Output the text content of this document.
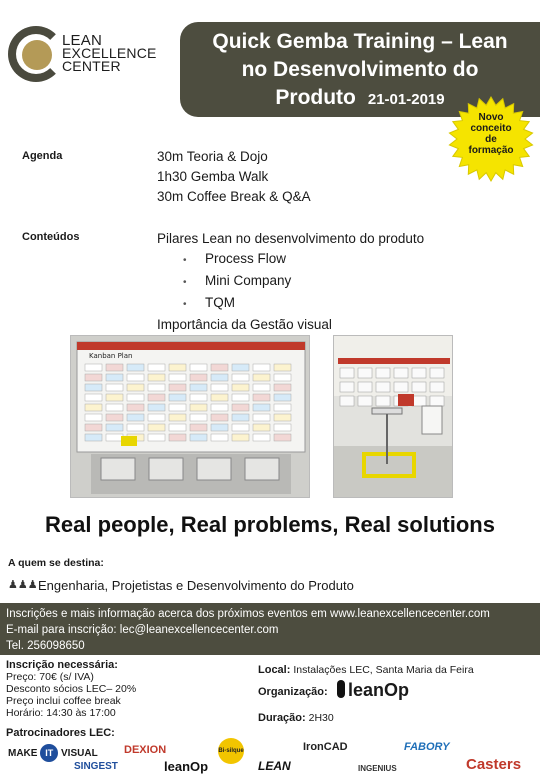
LEAN
EXCELLENCE
CENTER
Quick Gemba Training – Lean
no Desenvolvimento do
Produto 21-01-2019
Novo
conceito
de
formação
Agenda	30m Teoria & Dojo
1h30 Gemba Walk
30m Coffee Break & Q&A
Conteúdos	Pilares Lean no desenvolvimento do produto
• Process Flow
• Mini Company
• TQM
Importância da Gestão visual
Kanban Plan
Real people, Real problems, Real solutions
A quem se destina:
♟♟♟ Engenharia, Projetistas e Desenvolvimento do Produto
Inscrições e mais informação acerca dos próximos eventos em www.leanexcellencecenter.com
E-mail para inscrição: lec@leanexcellencecenter.com
Tel. 256098650
Inscrição necessária:
Preço: 70€ (s/ IVA)
Desconto sócios LEC– 20%
Preço inclui coffee break
Horário: 14:30 às 17:00
Local: Instalações LEC, Santa Maria da Feira
Organização:	leanOp
Duração: 2H30
Patrocinadores LEC:
MAKE IT VISUAL DEXION	Bi-silque	IronCAD	FABORY
SINGEST	leanOp	LEAN	INGENIUS	Casters
